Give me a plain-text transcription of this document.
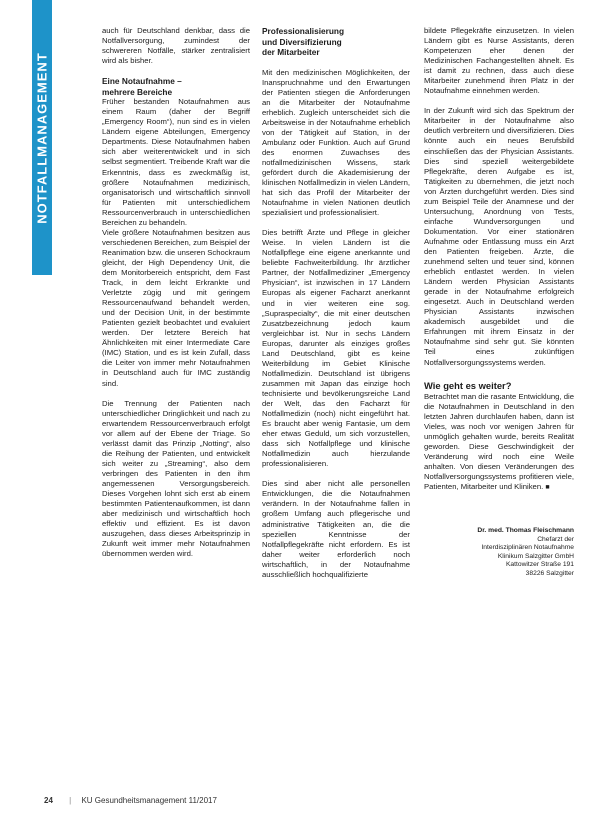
NOTFALLMANAGEMENT

auch für Deutschland denkbar, dass die Notfallversorgung, zumindest der schwereren Notfälle, stärker zentralisiert wird als bisher.

Eine Notaufnahme –
mehrere Bereiche

Früher bestanden Notaufnahmen aus einem Raum (daher der Begriff „Emergency Room“), nun sind es in vielen Ländern eigene Abteilungen, Emergency Departments. Diese Notaufnahmen haben sich aber weiterentwickelt und in sich selbst segmentiert. Treibende Kraft war die Erkenntnis, dass es zweckmäßig ist, größere Notaufnahmen medizinisch, organisatorisch und wirtschaftlich sinnvoll für Patienten mit unterschiedlichem Ressourcenverbrauch in unterschiedlichen Bereichen zu behandeln.

Viele größere Notaufnahmen besitzen aus verschiedenen Bereichen, zum Beispiel der Reanimation bzw. die unseren Schockraum gleicht, der High Dependency Unit, die dem Monitorbereich entspricht, dem Fast Track, in dem leicht Erkrankte und Verletzte zügig und mit geringem Ressourcenaufwand behandelt werden, und der Decision Unit, in der bestimmte Patienten gezielt beobachtet und evaluiert werden. Der letztere Bereich hat Ähnlichkeiten mit einer Intermediate Care (IMC) Station, und es ist kein Zufall, dass die Leiter von immer mehr Notaufnahmen in Deutschland auch für IMC zuständig sind.

Die Trennung der Patienten nach unterschiedlicher Dringlichkeit und nach zu erwartendem Ressourcenverbrauch erfolgt vor allem auf der Ebene der Triage. So verlässt damit das Prinzip „Notting“, also die Reihung der Patienten, und entwickelt sich weiter zu „Streaming“, also dem verbringen des Patienten in den ihm angemessenen Versorgungsbereich. Dieses Vorgehen lohnt sich erst ab einem bestimmten Patientenaufkommen, ist dann aber medizinisch und wirtschaftlich hoch effektiv und effizient. Es ist davon auszugehen, dass dieses Arbeitsprinzip in Zukunft weit immer mehr Notaufnahmen übernommen werden wird.

Professionalisierung
und Diversifizierung
der Mitarbeiter

Mit den medizinischen Möglichkeiten, der Inanspruchnahme und den Erwartungen der Patienten stiegen die Anforderungen an die Mitarbeiter der Notaufnahme erheblich. Zugleich unterscheidet sich die Arbeitsweise in der Notaufnahme erheblich von der Tätigkeit auf Station, in der Ambulanz oder Funktion. Auch auf Grund des enormen Zuwachses des notfallmedizinischen Wissens, stark gefördert durch die Akademisierung der klinischen Notfallmedizin in vielen Ländern, hat sich das Profil der Mitarbeiter der Notaufnahme in vielen Nationen deutlich spezialisiert und professionalisiert.

Dies betrifft Ärzte und Pflege in gleicher Weise. In vielen Ländern ist die Notfallpflege eine eigene anerkannte und beliebte Fachweiterbildung. Ihr ärztlicher Partner, der Notfallmediziner „Emergency Physician“, ist inzwischen in 17 Ländern Europas als eigener Facharzt anerkannt und in vier weiteren eine sog. „Supraspecialty“, die mit einer deutschen Zusatzbezeichnung jedoch kaum vergleichbar ist. Nur in sechs Ländern Europas, darunter als einziges großes Land Deutschland, gibt es keine Weiterbildung im Gebiet Klinische Notfallmedizin. Deutschland ist übrigens zusammen mit Japan das einzige hoch technisierte und bevölkerungsreiche Land der Welt, das den Facharzt für Notfallmedizin (noch) nicht eingeführt hat. Es braucht aber wenig Fantasie, um dem eher etwas Geduld, um sich vorzustellen, dass sich Notfallpflege und klinische Notfallmedizin auch hierzulande professionalisieren.

Dies sind aber nicht alle personellen Entwicklungen, die die Notaufnahmen verändern. In der Notaufnahme fallen in großem Umfang auch pflegerische und administrative Tätigkeiten an, die die speziellen Kenntnisse der Notfallpflegekräfte nicht erfordern. Es ist daher weiter erforderlich noch wirtschaftlich, in der Notaufnahme ausschließlich hochqualifizierte

bildete Pflegekräfte einzusetzen. In vielen Ländern gibt es Nurse Assistants, deren Kompetenzen eher denen der Medizinischen Fachangestellten ähnelt. Es ist damit zu rechnen, dass auch diese Mitarbeiter zunehmend ihren Platz in der Notaufnahme einnehmen werden.

In der Zukunft wird sich das Spektrum der Mitarbeiter in der Notaufnahme also deutlich verbreitern und diversifizieren. Dies könnte auch ein neues Berufsbild einschließen das der Physician Assistants. Dies sind speziell weitergebildete Pflegekräfte, deren Aufgabe es ist, Tätigkeiten zu übernehmen, die jetzt noch von Ärzten durchgeführt werden. Dies sind zum Beispiel Teile der Anamnese und der Untersuchung, Anordnung von Tests, einfache Wundversorgungen und Dokumentation. Vor einer stationären Aufnahme oder Entlassung muss ein Arzt den Patienten freigeben. Ärzte, die zunehmend selten und teuer sind, können erheblich entlastet werden. In vielen Ländern werden Physician Assistants gerade in der Notaufnahme erfolgreich eingesetzt. Auch in Deutschland werden Physician Assistants inzwischen akademisch ausgebildet und die Erfahrungen mit ihrem Einsatz in der Notaufnahme sind sehr gut. Sie könnten Teil eines zukünftigen Notfallversorgungssystems werden.

Wie geht es weiter?

Betrachtet man die rasante Entwicklung, die die Notaufnahmen in Deutschland in den letzten Jahren durchlaufen haben, dann ist Vieles, was noch vor wenigen Jahren für unmöglich gehalten wurde, bereits Realität geworden. Diese Geschwindigkeit der Veränderung wird noch eine Weile anhalten. Von diesen Veränderungen des Notfallversorgungssystems profitieren viele, Patienten, Mitarbeiter und Kliniken. ■

Dr. med. Thomas Fleischmann
Chefarzt der
Interdisziplinären Notaufnahme
Klinikum Salzgitter GmbH
Kattowitzer Straße 191
38226 Salzgitter
24 | KU Gesundheitsmanagement 11/2017
